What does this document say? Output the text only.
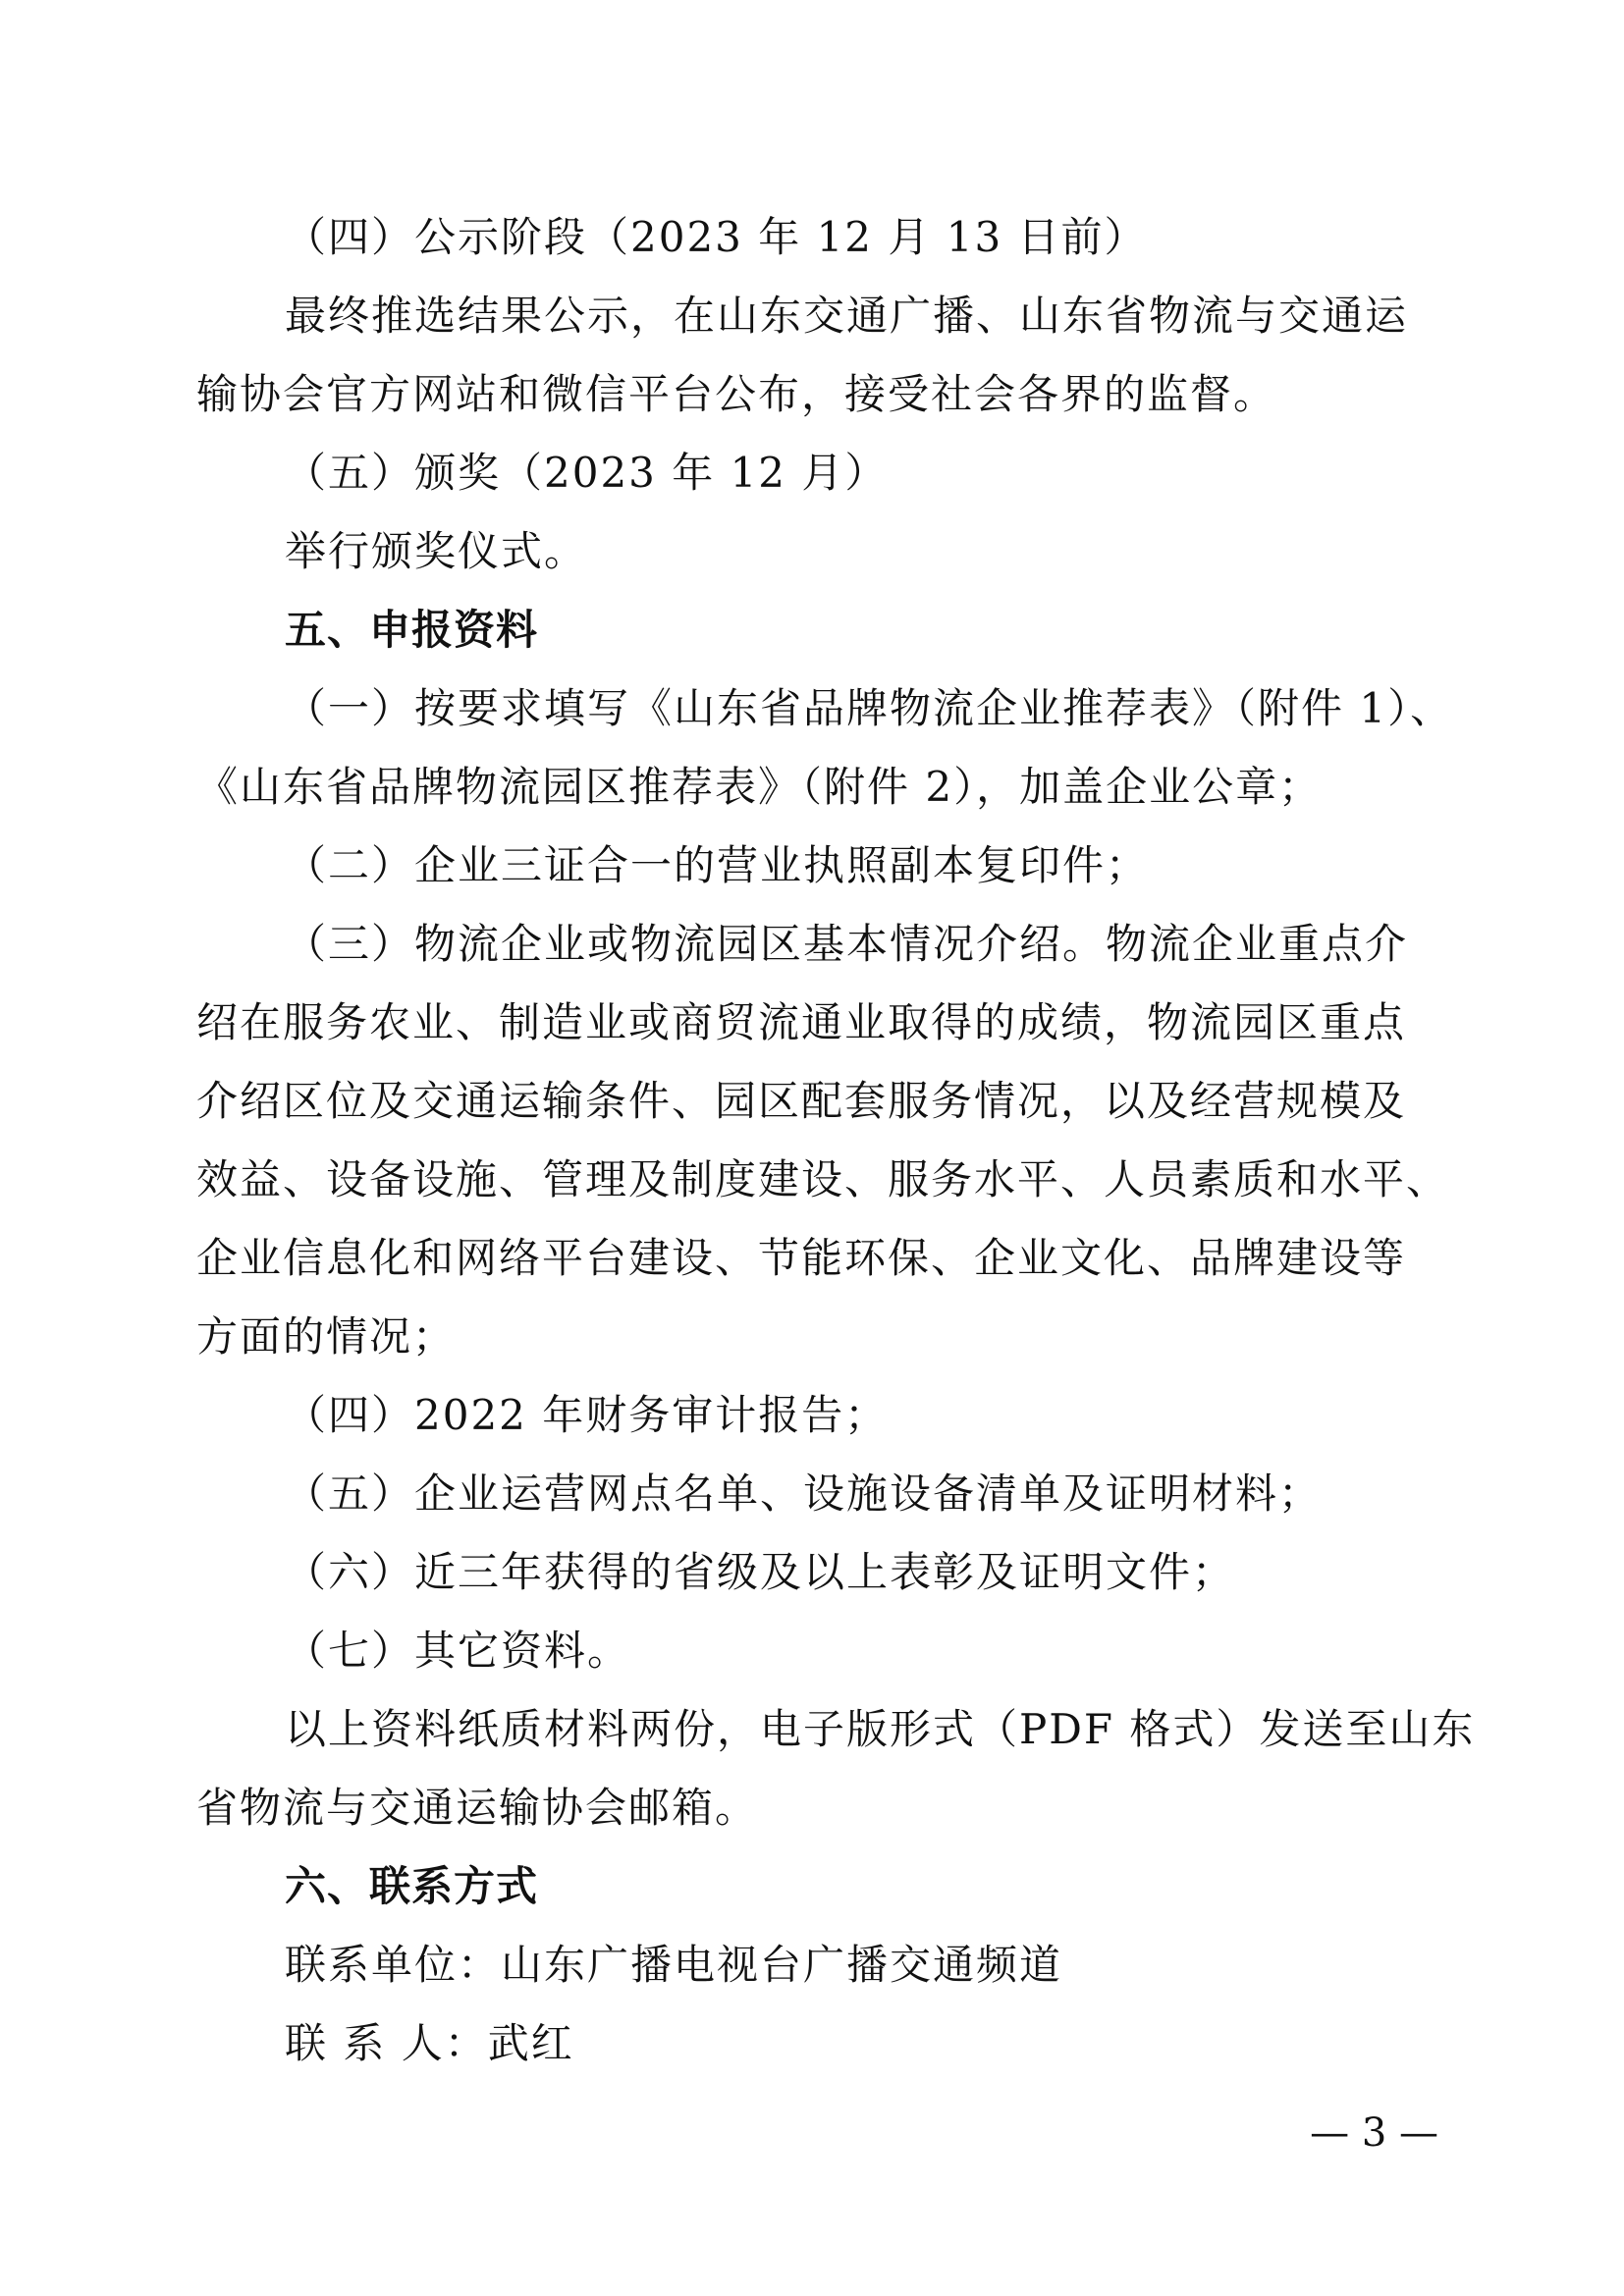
（四）公示阶段（2023 年 12 月 13 日前）
最终推选结果公示，在山东交通广播、山东省物流与交通运
输协会官方网站和微信平台公布，接受社会各界的监督。
（五）颁奖（2023 年 12 月）
举行颁奖仪式。
五、申报资料
（一）按要求填写《山东省品牌物流企业推荐表》（附件 1）、
《山东省品牌物流园区推荐表》（附件 2），加盖企业公章；
（二）企业三证合一的营业执照副本复印件；
（三）物流企业或物流园区基本情况介绍。物流企业重点介
绍在服务农业、制造业或商贸流通业取得的成绩，物流园区重点
介绍区位及交通运输条件、园区配套服务情况，以及经营规模及
效益、设备设施、管理及制度建设、服务水平、人员素质和水平、
企业信息化和网络平台建设、节能环保、企业文化、品牌建设等
方面的情况；
（四）2022 年财务审计报告；
（五）企业运营网点名单、设施设备清单及证明材料；
（六）近三年获得的省级及以上表彰及证明文件；
（七）其它资料。
以上资料纸质材料两份，电子版形式（PDF 格式）发送至山东
省物流与交通运输协会邮箱。
六、联系方式
联系单位：山东广播电视台广播交通频道
联 系 人：武红
— 3 —
